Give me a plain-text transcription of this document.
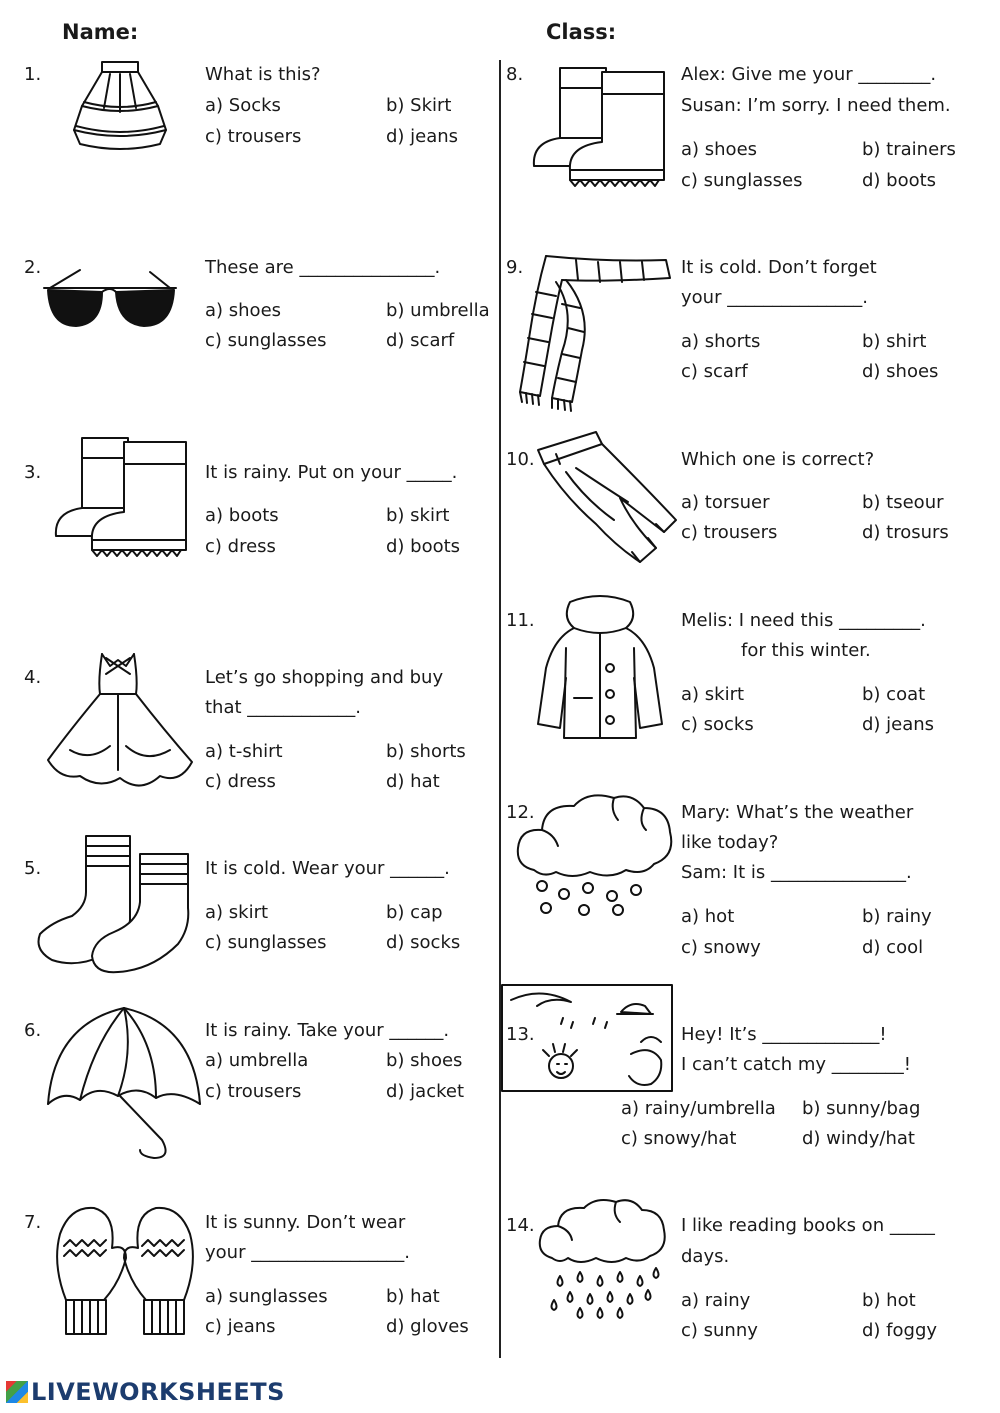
Name:	Class:
1.	What is this?
a) Socks	b) Skirt
c) trousers	d) jeans
2.	These are _______________.
a) shoes	b) umbrella
c) sunglasses	d) scarf
3.	It is rainy. Put on your _____.
a) boots	b) skirt
c) dress	d) boots
4.	Let’s go shopping and buy
that ____________.
a) t-shirt	b) shorts
c) dress	d) hat
5.	It is cold. Wear your ______.
a) skirt	b) cap
c) sunglasses	d) socks
6.	It is rainy. Take your ______.
a) umbrella	b) shoes
c) trousers	d) jacket
7.	It is sunny. Don’t wear
your _________________.
a) sunglasses	b) hat
c) jeans	d) gloves
8.	Alex: Give me your ________.
Susan: I’m sorry. I need them.
a) shoes	b) trainers
c) sunglasses	d) boots
9.	It is cold. Don’t forget
your _______________.
a) shorts	b) shirt
c) scarf	d) shoes
10.	Which one is correct?
a) torsuer	b) tseour
c) trousers	d) trosurs
11.	Melis: I need this _________.
for this winter.
a) skirt	b) coat
c) socks	d) jeans
12.	Mary: What’s the weather
like today?
Sam: It is _______________.
a) hot	b) rainy
c) snowy	d) cool
13.	Hey! It’s _____________!
I can’t catch my ________!
a) rainy/umbrella b) sunny/bag
c) snowy/hat	d) windy/hat
14.	I like reading books on _____
days.
a) rainy	b) hot
c) sunny	d) foggy
LIVEWORKSHEETS
